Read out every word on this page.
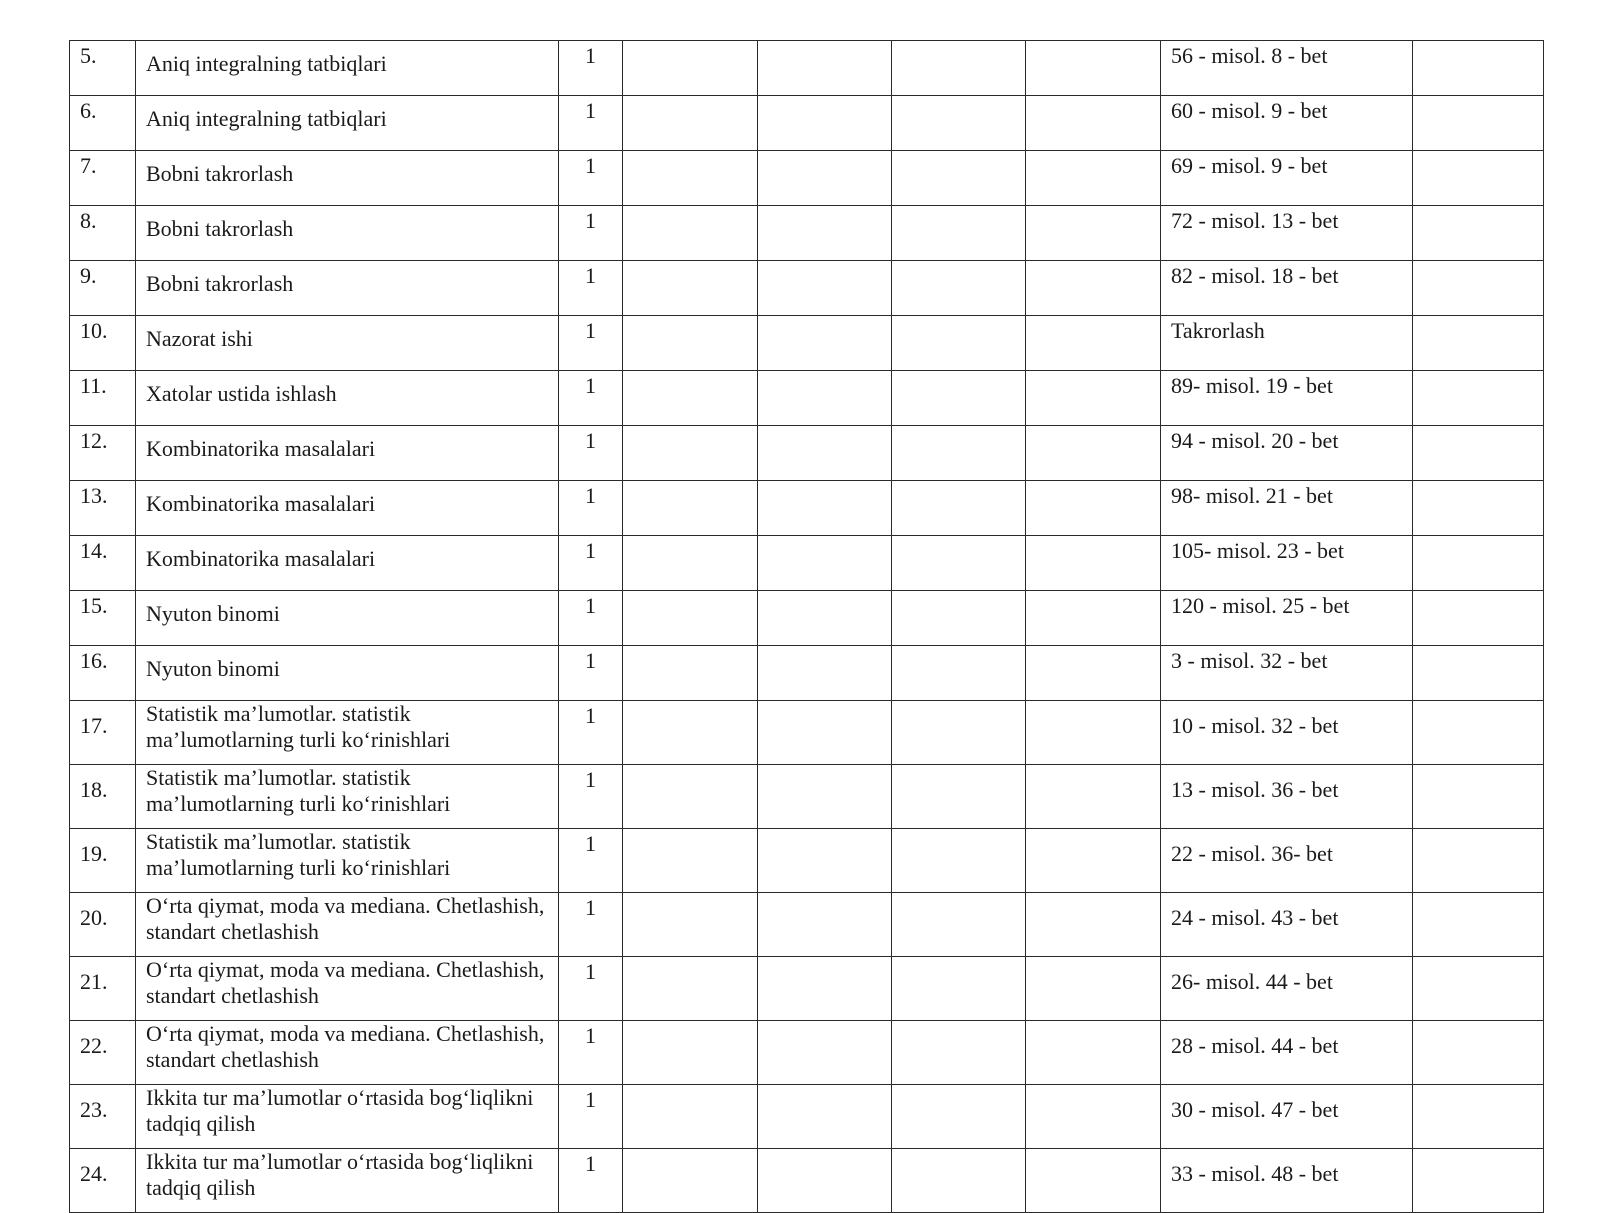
5.	Aniq integralning tatbiqlari	1					56 - misol. 8 - bet	
6.	Aniq integralning tatbiqlari	1					60 - misol. 9 - bet	
7.	Bobni takrorlash	1					69 - misol. 9 - bet	
8.	Bobni takrorlash	1					72 - misol. 13 - bet	
9.	Bobni takrorlash	1					82 - misol. 18 - bet	
10.	Nazorat ishi	1					Takrorlash	
11.	Xatolar ustida ishlash	1					89- misol. 19 - bet	
12.	Kombinatorika masalalari	1					94 - misol. 20 - bet	
13.	Kombinatorika masalalari	1					98- misol. 21 - bet	
14.	Kombinatorika masalalari	1					105- misol. 23 - bet	
15.	Nyuton binomi	1					120 - misol. 25 - bet	
16.	Nyuton binomi	1					3 - misol. 32 - bet	
17.	Statistik ma’lumotlar. statistik ma’lumotlarning turli ko‘rinishlari	1					10 - misol. 32 - bet	
18.	Statistik ma’lumotlar. statistik ma’lumotlarning turli ko‘rinishlari	1					13 - misol. 36 - bet	
19.	Statistik ma’lumotlar. statistik ma’lumotlarning turli ko‘rinishlari	1					22 - misol. 36- bet	
20.	O‘rta qiymat, moda va mediana. Chetlashish, standart chetlashish	1					24 - misol. 43 - bet	
21.	O‘rta qiymat, moda va mediana. Chetlashish, standart chetlashish	1					26- misol. 44 - bet	
22.	O‘rta qiymat, moda va mediana. Chetlashish, standart chetlashish	1					28 - misol. 44 - bet	
23.	Ikkita tur ma’lumotlar o‘rtasida bog‘liqlikni tadqiq qilish	1					30 - misol. 47 - bet	
24.	Ikkita tur ma’lumotlar o‘rtasida bog‘liqlikni tadqiq qilish	1					33 - misol. 48 - bet	
